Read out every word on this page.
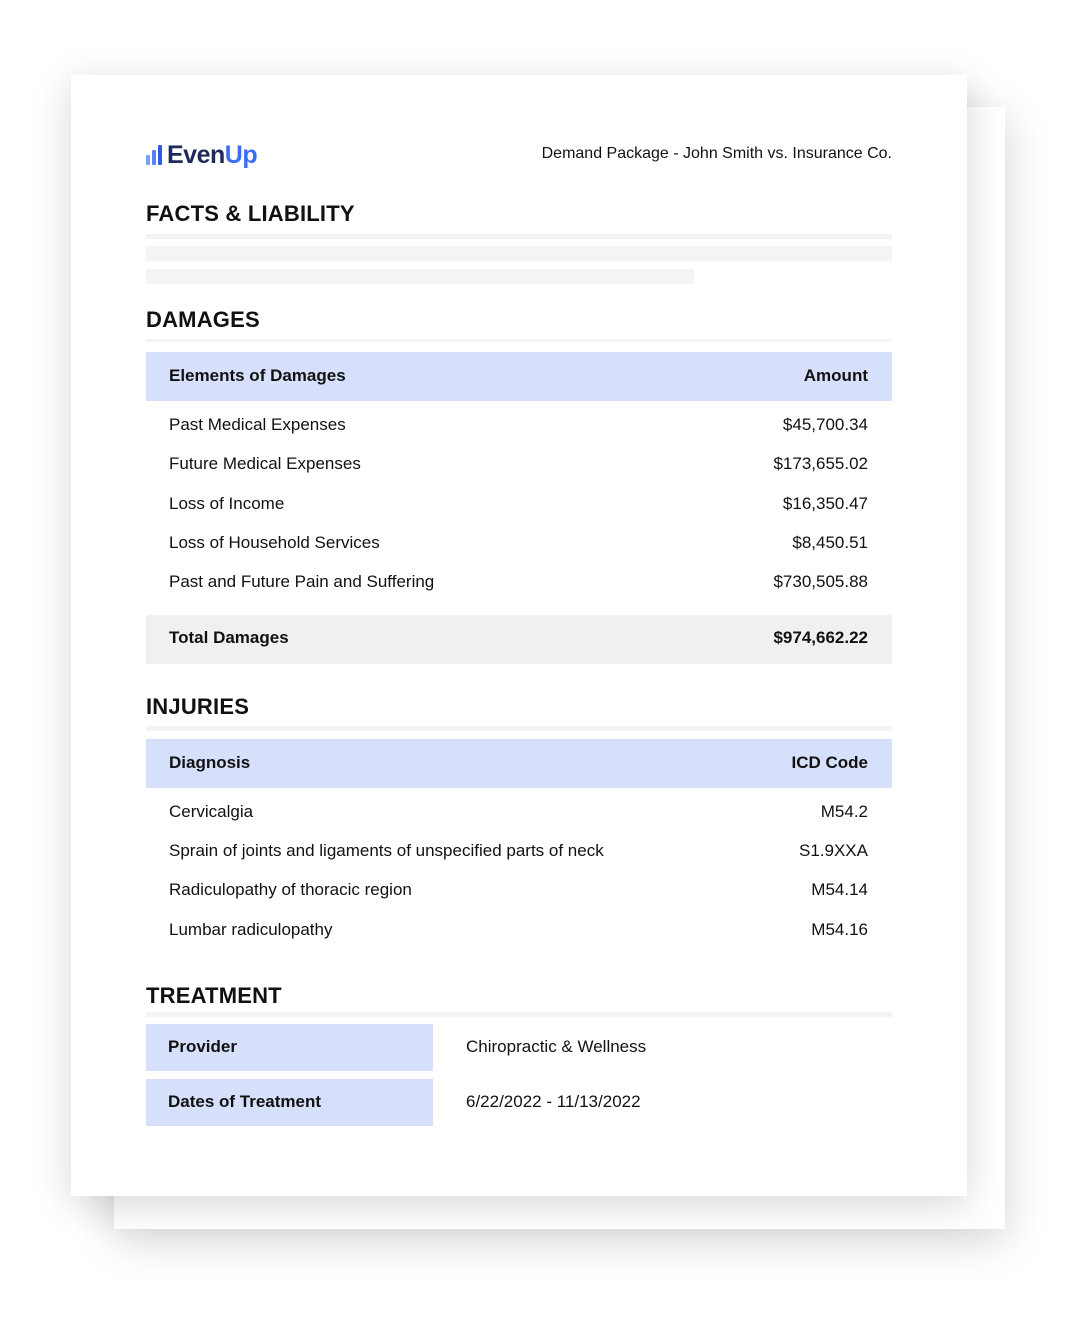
EvenUp	Demand Package - John Smith vs. Insurance Co.
FACTS & LIABILITY
DAMAGES
Elements of Damages	Amount
Past Medical Expenses	$45,700.34
Future Medical Expenses	$173,655.02
Loss of Income	$16,350.47
Loss of Household Services	$8,450.51
Past and Future Pain and Suffering	$730,505.88
Total Damages	$974,662.22
INJURIES
Diagnosis	ICD Code
Cervicalgia	M54.2
Sprain of joints and ligaments of unspecified parts of neck	S1.9XXA
Radiculopathy of thoracic region	M54.14
Lumbar radiculopathy	M54.16
TREATMENT
Provider	Chiropractic & Wellness
Dates of Treatment	6/22/2022 - 11/13/2022
